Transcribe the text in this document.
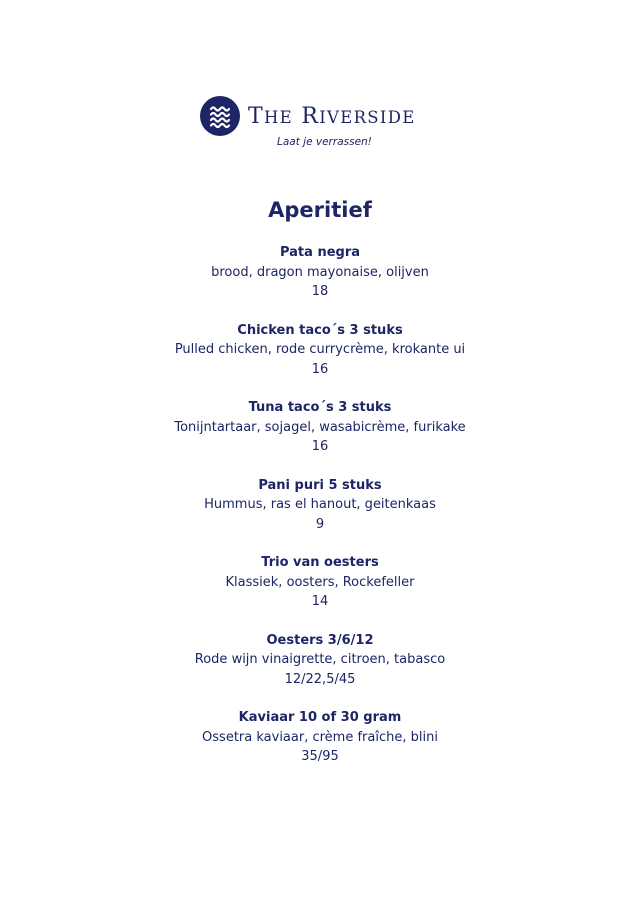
THE RIVERSIDE

Laat je verrassen!

Aperitief

Pata negra

brood, dragon mayonaise, olijven

18

Chicken taco´s 3 stuks

Pulled chicken, rode currycrème, krokante ui

16

Tuna taco´s 3 stuks

Tonijntartaar, sojagel, wasabicrème, furikake

16

Pani puri 5 stuks

Hummus, ras el hanout, geitenkaas

9

Trio van oesters

Klassiek, oosters, Rockefeller

14

Oesters 3/6/12

Rode wijn vinaigrette, citroen, tabasco

12/22,5/45

Kaviaar 10 of 30 gram

Ossetra kaviaar, crème fraîche, blini

35/95
